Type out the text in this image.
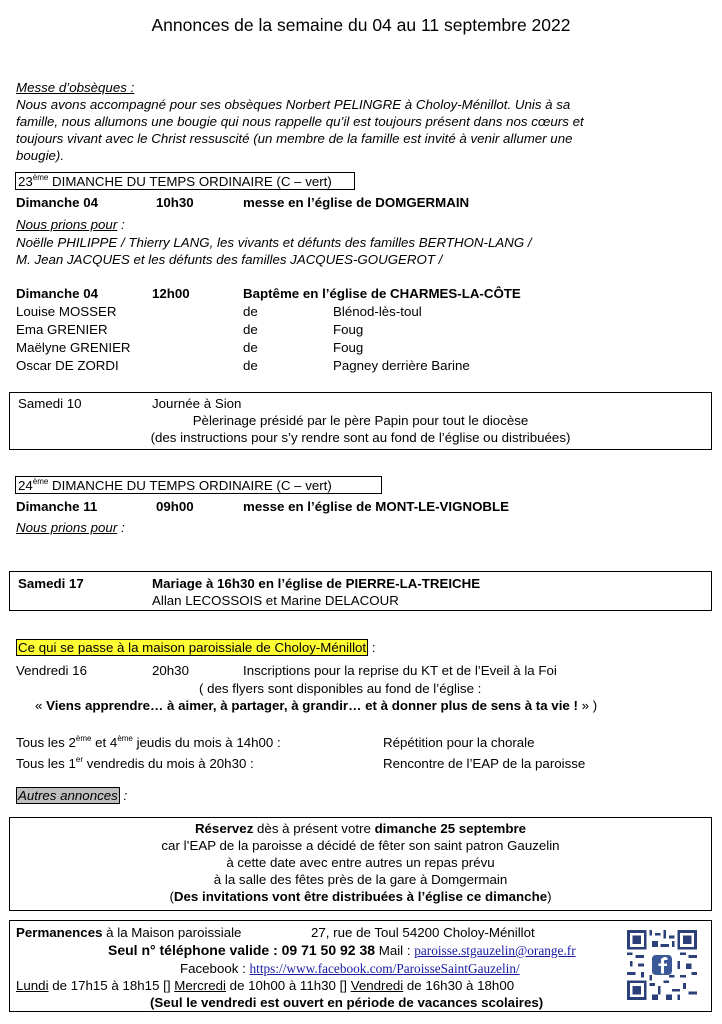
Annonces de la semaine du 04 au 11 septembre 2022
Messe d’obsèques :
Nous avons accompagné pour ses obsèques Norbert PELINGRE à Choloy-Ménillot. Unis à sa
famille, nous allumons une bougie qui nous rappelle qu’il est toujours présent dans nos cœurs et
toujours vivant avec le Christ ressuscité (un membre de la famille est invité à venir allumer une
bougie).
23ème DIMANCHE DU TEMPS ORDINAIRE (C – vert)
Dimanche 04	10h30	messe en l’église de DOMGERMAIN
Nous prions pour :
Noëlle PHILIPPE / Thierry LANG, les vivants et défunts des familles BERTHON-LANG /
M. Jean JACQUES et les défunts des familles JACQUES-GOUGEROT /
Dimanche 04	12h00	Baptême en l’église de CHARMES-LA-CÔTE
Louise MOSSER	de	Blénod-lès-toul
Ema GRENIER	de	Foug
Maëlyne GRENIER	de	Foug
Oscar DE ZORDI	de	Pagney derrière Barine
Samedi 10	Journée à Sion
Pèlerinage présidé par le père Papin pour tout le diocèse
(des instructions pour s’y rendre sont au fond de l’église ou distribuées)
24ème DIMANCHE DU TEMPS ORDINAIRE (C – vert)
Dimanche 11	09h00	messe en l’église de MONT-LE-VIGNOBLE
Nous prions pour :
Samedi 17	Mariage à 16h30 en l’église de PIERRE-LA-TREICHE
Allan LECOSSOIS et Marine DELACOUR
Ce qui se passe à la maison paroissiale de Choloy-Ménillot :
Vendredi 16	20h30	Inscriptions pour la reprise du KT et de l’Eveil à la Foi
( des flyers sont disponibles au fond de l’église :
« Viens apprendre… à aimer, à partager, à grandir… et à donner plus de sens à ta vie ! » )
Tous les 2ème et 4ème jeudis du mois à 14h00 :	Répétition pour la chorale
Tous les 1er vendredis du mois à 20h30 :	Rencontre de l’EAP de la paroisse
Autres annonces :
Réservez dès à présent votre dimanche 25 septembre
car l’EAP de la paroisse a décidé de fêter son saint patron Gauzelin
à cette date avec entre autres un repas prévu
à la salle des fêtes près de la gare à Domgermain
(Des invitations vont être distribuées à l’église ce dimanche)
Permanences à la Maison paroissiale	27, rue de Toul 54200 Choloy-Ménillot
Seul n° téléphone valide : 09 71 50 92 38 Mail : paroisse.stgauzelin@orange.fr
Facebook : https://www.facebook.com/ParoisseSaintGauzelin/
Lundi de 17h15 à 18h15 [] Mercredi de 10h00 à 11h30 [] Vendredi de 16h30 à 18h00
(Seul le vendredi est ouvert en période de vacances scolaires)
